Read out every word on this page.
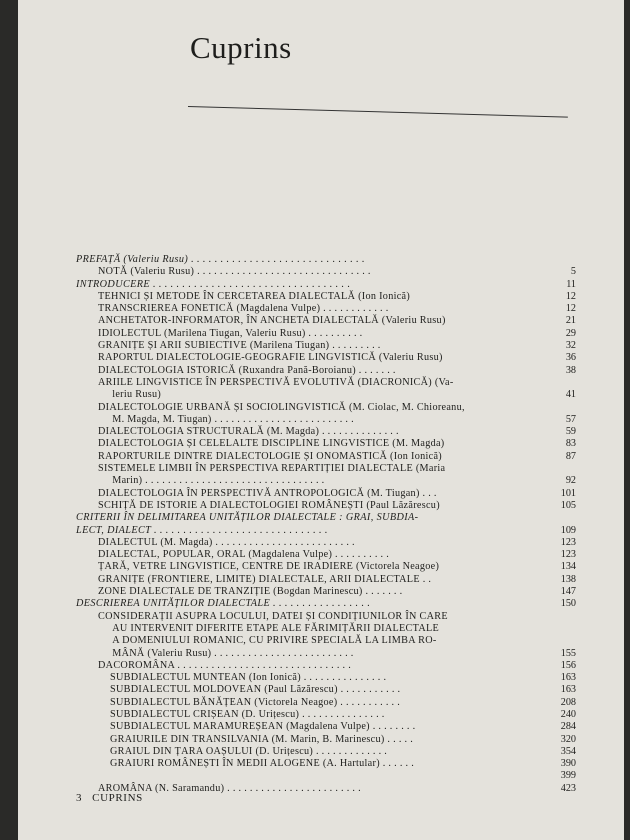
Cuprins
PREFAȚĂ (Valeriu Rusu) . . . . . . . . . . . . . . . . . . . . . . . . . . . . . .
NOTĂ (Valeriu Rusu) . . . . . . . . . . . . . . . . . . . . . . . . . . . . . . .	5
INTRODUCERE . . . . . . . . . . . . . . . . . . . . . . . . . . . . . . . . . .	11
TEHNICI ȘI METODE ÎN CERCETAREA DIALECTALĂ (Ion Ionică)	12
TRANSCRIEREA FONETICĂ (Magdalena Vulpe) . . . . . . . . . . . .	12
ANCHETATOR-INFORMATOR, ÎN ANCHETA DIALECTALĂ (Valeriu Rusu)	21
IDIOLECTUL (Marilena Tiugan, Valeriu Rusu) . . . . . . . . . .	29
GRANIȚE ȘI ARII SUBIECTIVE (Marilena Tiugan) . . . . . . . . .	32
RAPORTUL DIALECTOLOGIE-GEOGRAFIE LINGVISTICĂ (Valeriu Rusu)	36
DIALECTOLOGIA ISTORICĂ (Ruxandra Pană-Boroianu) . . . . . . .	38
ARIILE LINGVISTICE ÎN PERSPECTIVĂ EVOLUTIVĂ (DIACRONICĂ) (Va-
leriu Rusu)	41
DIALECTOLOGIE URBANĂ ȘI SOCIOLINGVISTICĂ (M. Ciolac, M. Chioreanu,
M. Magda, M. Tiugan) . . . . . . . . . . . . . . . . . . . . . . . . .	57
DIALECTOLOGIA STRUCTURALĂ (M. Magda) . . . . . . . . . . . . . .	59
DIALECTOLOGIA ȘI CELELALTE DISCIPLINE LINGVISTICE (M. Magda)	83
RAPORTURILE DINTRE DIALECTOLOGIE ȘI ONOMASTICĂ (Ion Ionică)	87
SISTEMELE LIMBII ÎN PERSPECTIVA REPARTIȚIEI DIALECTALE (Maria
Marin) . . . . . . . . . . . . . . . . . . . . . . . . . . . . . . . .	92
DIALECTOLOGIA ÎN PERSPECTIVĂ ANTROPOLOGICĂ (M. Tiugan) . . .	101
SCHIȚĂ DE ISTORIE A DIALECTOLOGIEI ROMÂNEȘTI (Paul Lăzărescu)	105
CRITERII ÎN DELIMITAREA UNITĂȚILOR DIALECTALE : GRAI, SUBDIA-
LECT, DIALECT . . . . . . . . . . . . . . . . . . . . . . . . . . . . . .	109
DIALECTUL (M. Magda) . . . . . . . . . . . . . . . . . . . . . . . . .	123
DIALECTAL, POPULAR, ORAL (Magdalena Vulpe) . . . . . . . . . .	123
ȚARĂ, VETRE LINGVISTICE, CENTRE DE IRADIERE (Victorela Neagoe)	134
GRANIȚE (FRONTIERE, LIMITE) DIALECTALE, ARII DIALECTALE . .	138
ZONE DIALECTALE DE TRANZIȚIE (Bogdan Marinescu) . . . . . . .	147
DESCRIEREA UNITĂȚILOR DIALECTALE . . . . . . . . . . . . . . . . .	150
CONSIDERAȚII ASUPRA LOCULUI, DATEI ȘI CONDIȚIUNILOR ÎN CARE
AU INTERVENIT DIFERITE ETAPE ALE FĂRIMIȚĂRII DIALECTALE
A DOMENIULUI ROMANIC, CU PRIVIRE SPECIALĂ LA LIMBA RO-
MÂNĂ (Valeriu Rusu) . . . . . . . . . . . . . . . . . . . . . . . . .	155
DACOROMÂNA . . . . . . . . . . . . . . . . . . . . . . . . . . . . . . .	156
SUBDIALECTUL MUNTEAN (Ion Ionică) . . . . . . . . . . . . . . .	163
SUBDIALECTUL MOLDOVEAN (Paul Lăzărescu) . . . . . . . . . . .	163
SUBDIALECTUL BĂNĂȚEAN (Victorela Neagoe) . . . . . . . . . . .	208
SUBDIALECTUL CRIȘEAN (D. Urițescu) . . . . . . . . . . . . . . .	240
SUBDIALECTUL MARAMUREȘEAN (Magdalena Vulpe) . . . . . . . .	284
GRAIURILE DIN TRANSILVANIA (M. Marin, B. Marinescu) . . . . .	320
GRAIUL DIN ȚARA OAȘULUI (D. Urițescu) . . . . . . . . . . . . .	354
GRAIURI ROMÂNEȘTI ÎN MEDII ALOGENE (A. Hartular) . . . . . .	390
399
AROMÂNA (N. Saramandu) . . . . . . . . . . . . . . . . . . . . . . . .	423
3 CUPRINS
